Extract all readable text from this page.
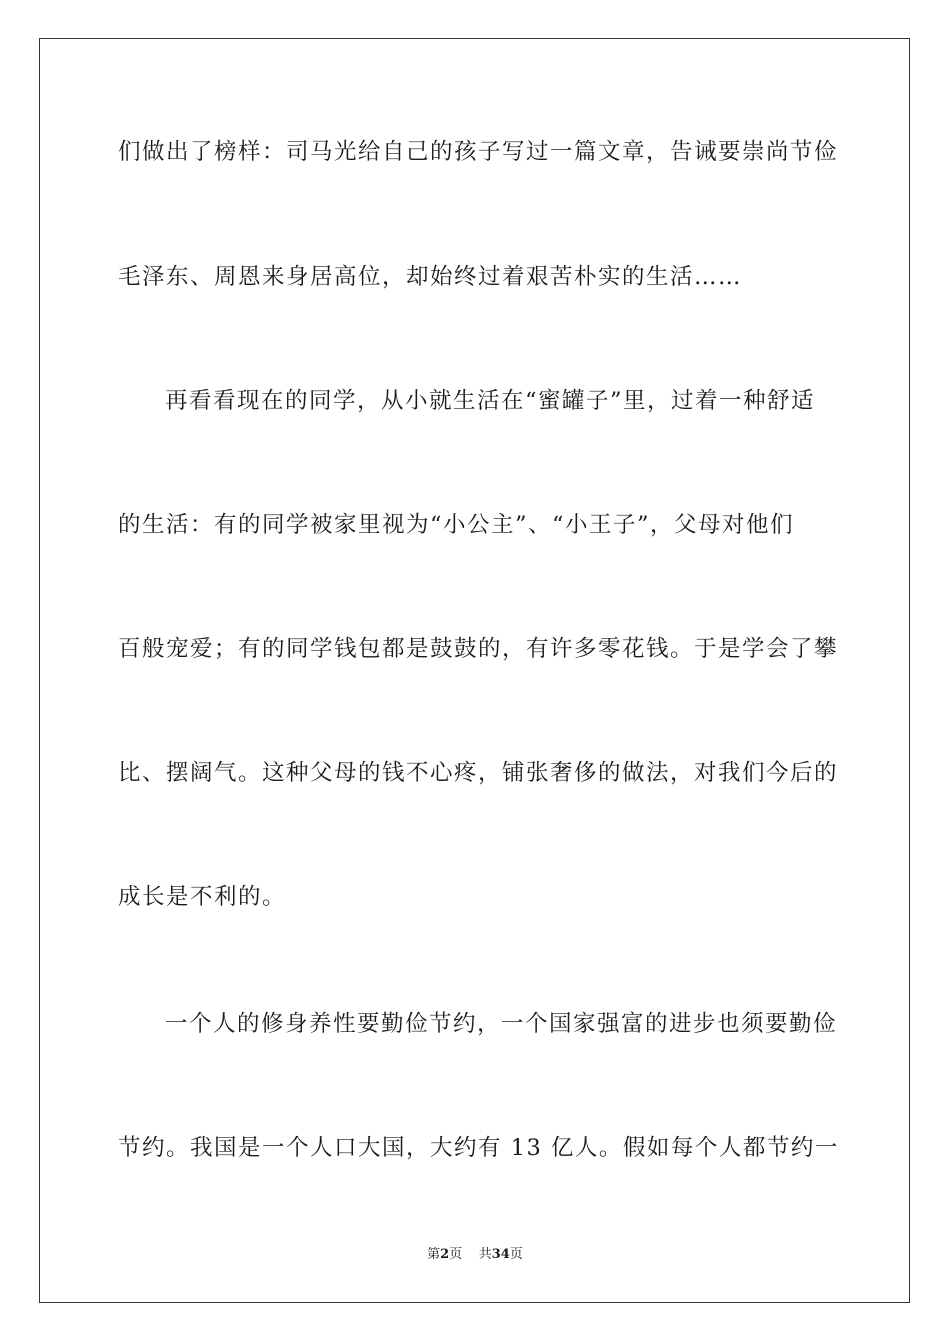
们做出了榜样：司马光给自己的孩子写过一篇文章，告诫要崇尚节俭
毛泽东、周恩来身居高位，却始终过着艰苦朴实的生活……
再看看现在的同学，从小就生活在“蜜罐子”里，过着一种舒适
的生活：有的同学被家里视为“小公主”、“小王子”，父母对他们
百般宠爱；有的同学钱包都是鼓鼓的，有许多零花钱。于是学会了攀
比、摆阔气。这种父母的钱不心疼，铺张奢侈的做法，对我们今后的
成长是不利的。
一个人的修身养性要勤俭节约，一个国家强富的进步也须要勤俭
节约。我国是一个人口大国，大约有 13 亿人。假如每个人都节约一
第2页 共34页
